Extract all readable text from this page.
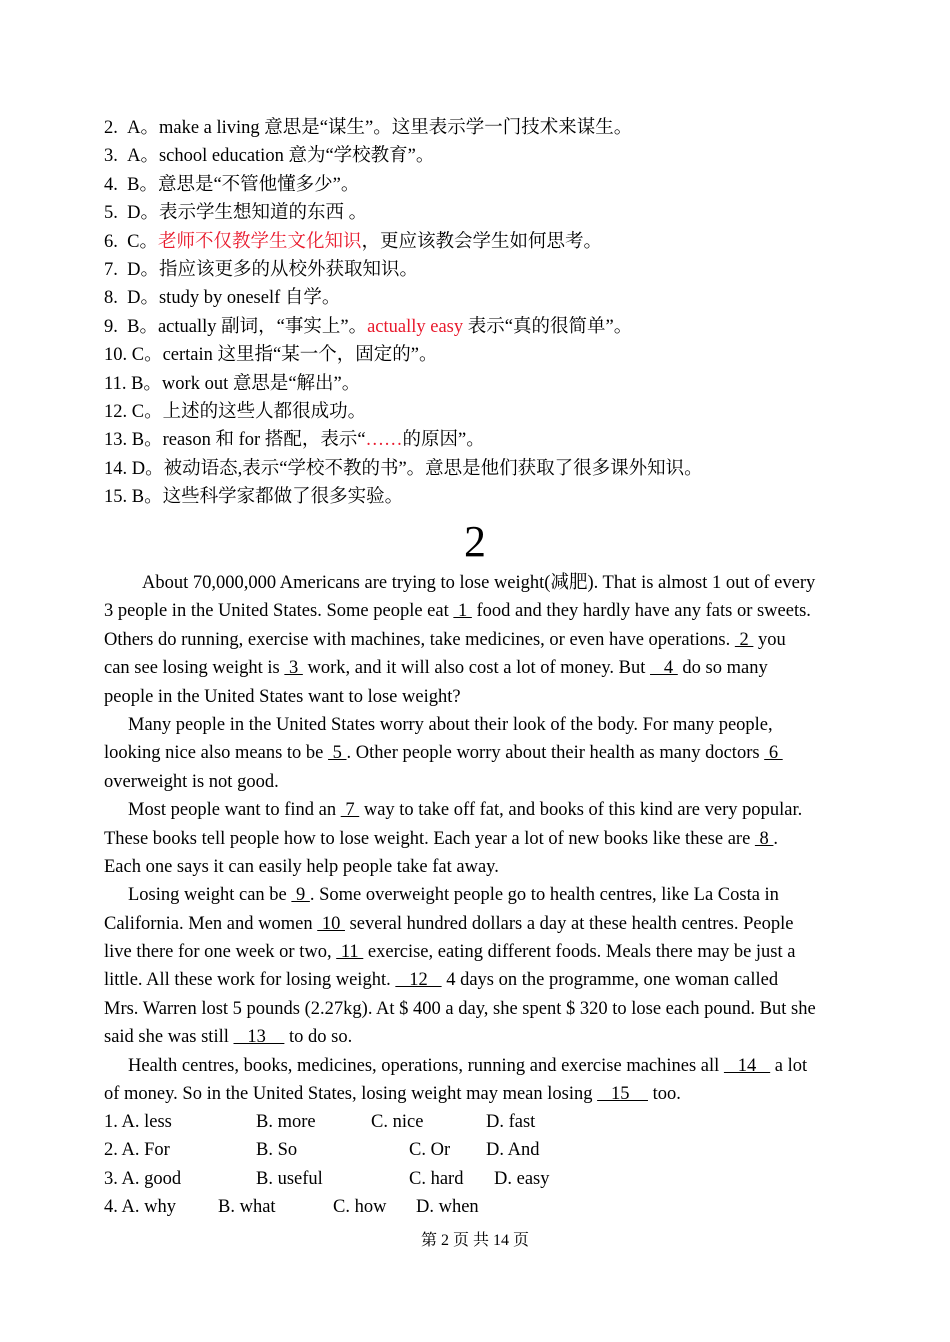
2. A。make a living 意思是“谋生”。这里表示学一门技术来谋生。
3. A。school education 意为“学校教育”。
4. B。意思是“不管他懂多少”。
5. D。表示学生想知道的东西 。
6. C。老师不仅教学生文化知识，更应该教会学生如何思考。
7. D。指应该更多的从校外获取知识。
8. D。study by oneself 自学。
9. B。actually 副词，“事实上”。actually easy 表示“真的很简单”。
10. C。certain 这里指“某一个，固定的”。
11. B。work out 意思是“解出”。
12. C。上述的这些人都很成功。
13. B。reason 和 for 搭配，表示“……的原因”。
14. D。被动语态,表示“学校不教的书”。意思是他们获取了很多课外知识。
15. B。这些科学家都做了很多实验。
2
About 70,000,000 Americans are trying to lose weight(减肥). That is almost 1 out of every
3 people in the United States. Some people eat  1  food and they hardly have any fats or sweets.
Others do running, exercise with machines, take medicines, or even have operations.  2  you
can see losing weight is  3  work, and it will also cost a lot of money. But    4  do so many
people in the United States want to lose weight?
Many people in the United States worry about their look of the body. For many people,
looking nice also means to be  5 . Other people worry about their health as many doctors  6
overweight is not good.
Most people want to find an  7  way to take off fat, and books of this kind are very popular.
These books tell people how to lose weight. Each year a lot of new books like these are  8 .
Each one says it can easily help people take fat away.
Losing weight can be  9 . Some overweight people go to health centres, like La Costa in
California. Men and women  10  several hundred dollars a day at these health centres. People
live there for one week or two,  11  exercise, eating different foods. Meals there may be just a
little. All these work for losing weight.    12    4 days on the programme, one woman called
Mrs. Warren lost 5 pounds (2.27kg). At $ 400 a day, she spent $ 320 to lose each pound. But she
said she was still    13     to do so.
Health centres, books, medicines, operations, running and exercise machines all    14    a lot
of money. So in the United States, losing weight may mean losing    15     too.
1. A. less	B. more	C. nice	D. fast
2. A. For	B. So	C. Or D. And
3. A. good	B. useful	C. hard D. easy
4. A. why B. what	C. how D. when
第 2 页 共 14 页
